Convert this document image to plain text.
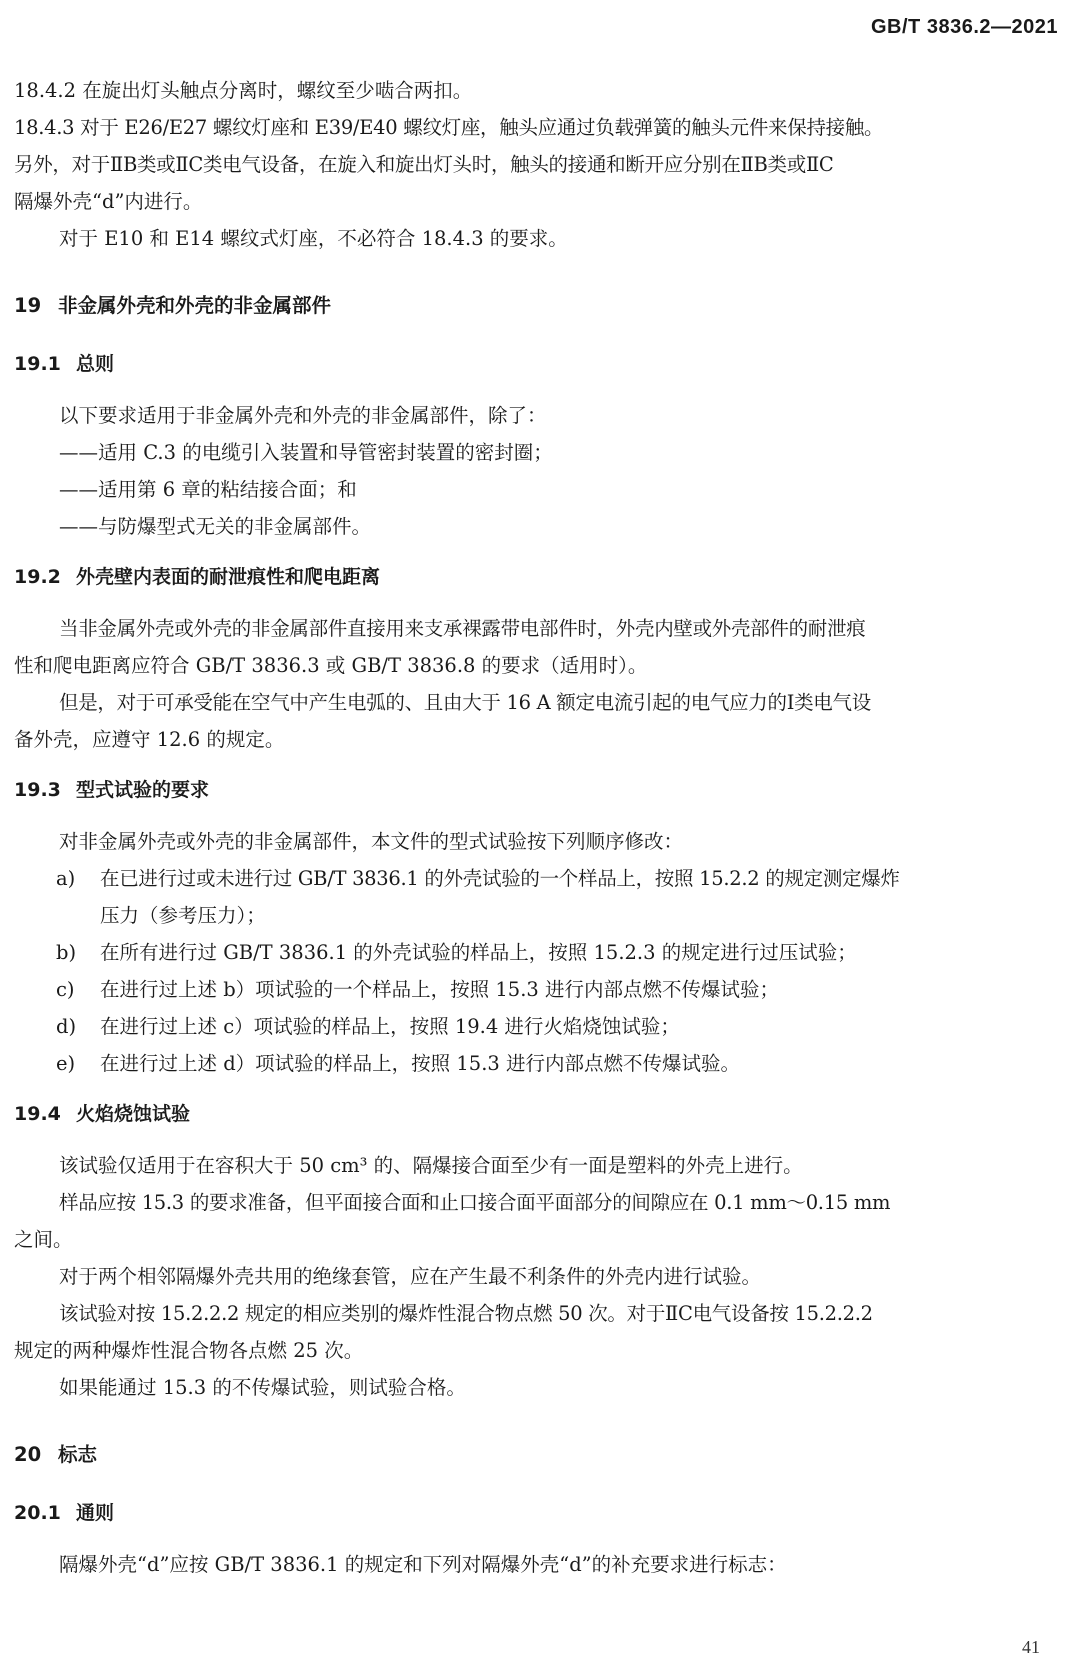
GB/T 3836.2—2021

18.4.2 在旋出灯头触点分离时，螺纹至少啮合两扣。

18.4.3 对于 E26/E27 螺纹灯座和 E39/E40 螺纹灯座，触头应通过负载弹簧的触头元件来保持接触。

另外，对于ⅡB类或ⅡC类电气设备，在旋入和旋出灯头时，触头的接通和断开应分别在ⅡB类或ⅡC

隔爆外壳“d”内进行。

对于 E10 和 E14 螺纹式灯座，不必符合 18.4.3 的要求。

19 非金属外壳和外壳的非金属部件

19.1 总则

以下要求适用于非金属外壳和外壳的非金属部件，除了：

——适用 C.3 的电缆引入装置和导管密封装置的密封圈；

——适用第 6 章的粘结接合面；和

——与防爆型式无关的非金属部件。

19.2 外壳壁内表面的耐泄痕性和爬电距离

当非金属外壳或外壳的非金属部件直接用来支承裸露带电部件时，外壳内壁或外壳部件的耐泄痕

性和爬电距离应符合 GB/T 3836.3 或 GB/T 3836.8 的要求（适用时）。

但是，对于可承受能在空气中产生电弧的、且由大于 16 A 额定电流引起的电气应力的Ⅰ类电气设

备外壳，应遵守 12.6 的规定。

19.3 型式试验的要求

对非金属外壳或外壳的非金属部件，本文件的型式试验按下列顺序修改：

a) 在已进行过或未进行过 GB/T 3836.1 的外壳试验的一个样品上，按照 15.2.2 的规定测定爆炸

压力（参考压力）；

b) 在所有进行过 GB/T 3836.1 的外壳试验的样品上，按照 15.2.3 的规定进行过压试验；

c) 在进行过上述 b）项试验的一个样品上，按照 15.3 进行内部点燃不传爆试验；

d) 在进行过上述 c）项试验的样品上，按照 19.4 进行火焰烧蚀试验；

e) 在进行过上述 d）项试验的样品上，按照 15.3 进行内部点燃不传爆试验。

19.4 火焰烧蚀试验

该试验仅适用于在容积大于 50 cm³ 的、隔爆接合面至少有一面是塑料的外壳上进行。

样品应按 15.3 的要求准备，但平面接合面和止口接合面平面部分的间隙应在 0.1 mm～0.15 mm

之间。

对于两个相邻隔爆外壳共用的绝缘套管，应在产生最不利条件的外壳内进行试验。

该试验对按 15.2.2.2 规定的相应类别的爆炸性混合物点燃 50 次。对于ⅡC电气设备按 15.2.2.2

规定的两种爆炸性混合物各点燃 25 次。

如果能通过 15.3 的不传爆试验，则试验合格。

20 标志

20.1 通则

隔爆外壳“d”应按 GB/T 3836.1 的规定和下列对隔爆外壳“d”的补充要求进行标志：

41
